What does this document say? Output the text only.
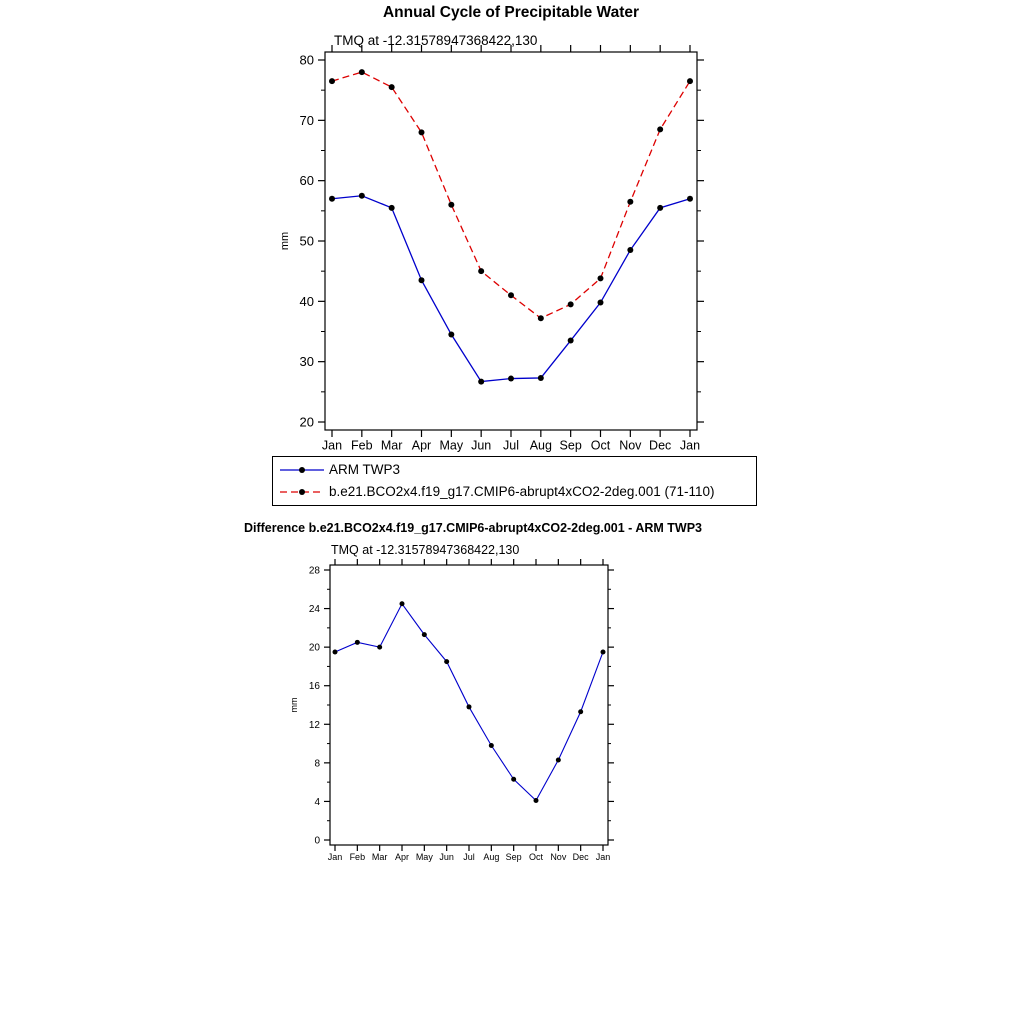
Annual Cycle of Precipitable Water
TMQ at -12.31578947368422,130
20
30
40
50
60
70
80
Jan Feb Mar Apr May Jun Jul Aug Sep Oct Nov Dec Jan
mm
ARM TWP3
b.e21.BCO2x4.f19_g17.CMIP6-abrupt4xCO2-2deg.001 (71-110)
Difference b.e21.BCO2x4.f19_g17.CMIP6-abrupt4xCO2-2deg.001 - ARM TWP3
TMQ at -12.31578947368422,130
0
4
8
12
16
20
24
28
Jan Feb Mar Apr May Jun Jul Aug Sep Oct Nov Dec Jan
mm
